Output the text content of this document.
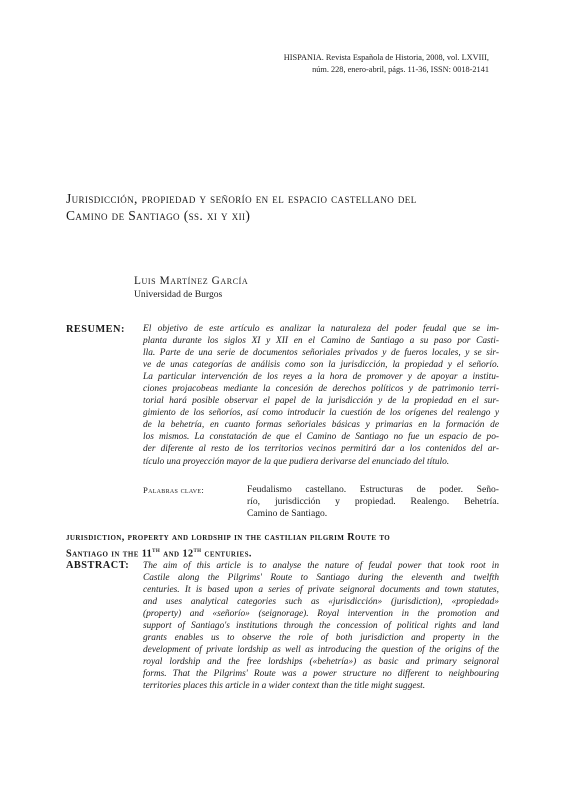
HISPANIA. Revista Española de Historia, 2008, vol. LXVIII,
núm. 228, enero-abril, págs. 11-36, ISSN: 0018-2141
Jurisdicción, propiedad y señorío en el espacio castellano del
Camino de Santiago (ss. xi y xii)
Luis Martínez García
Universidad de Burgos
RESUMEN: El objetivo de este artículo es analizar la naturaleza del poder feudal que se im-
planta durante los siglos XI y XII en el Camino de Santiago a su paso por Casti-
lla. Parte de una serie de documentos señoriales privados y de fueros locales, y se sir-
ve de unas categorías de análisis como son la jurisdicción, la propiedad y el señorío.
La particular intervención de los reyes a la hora de promover y de apoyar a institu-
ciones projacobeas mediante la concesión de derechos políticos y de patrimonio terri-
torial hará posible observar el papel de la jurisdicción y de la propiedad en el sur-
gimiento de los señoríos, así como introducir la cuestión de los orígenes del realengo y
de la behetría, en cuanto formas señoriales básicas y primarias en la formación de
los mismos. La constatación de que el Camino de Santiago no fue un espacio de po-
der diferente al resto de los territorios vecinos permitirá dar a los contenidos del ar-
tículo una proyección mayor de la que pudiera derivarse del enunciado del título.
Palabras clave:	Feudalismo castellano. Estructuras de poder. Seño-
río, jurisdicción y propiedad. Realengo. Behetría.
Camino de Santiago.
jurisdiction, property and lordship in the castilian pilgrim Route to
Santiago in the 11th and 12th centuries.
ABSTRACT: The aim of this article is to analyse the nature of feudal power that took root in
Castile along the Pilgrims' Route to Santiago during the eleventh and twelfth
centuries. It is based upon a series of private seignoral documents and town statutes,
and uses analytical categories such as «jurisdicción» (jurisdiction), «propiedad»
(property) and «señorío» (seignorage). Royal intervention in the promotion and
support of Santiago's institutions through the concession of political rights and land
grants enables us to observe the role of both jurisdiction and property in the
development of private lordship as well as introducing the question of the origins of the
royal lordship and the free lordships («behetría») as basic and primary seignoral
forms. That the Pilgrims' Route was a power structure no different to neighbouring
territories places this article in a wider context than the title might suggest.
